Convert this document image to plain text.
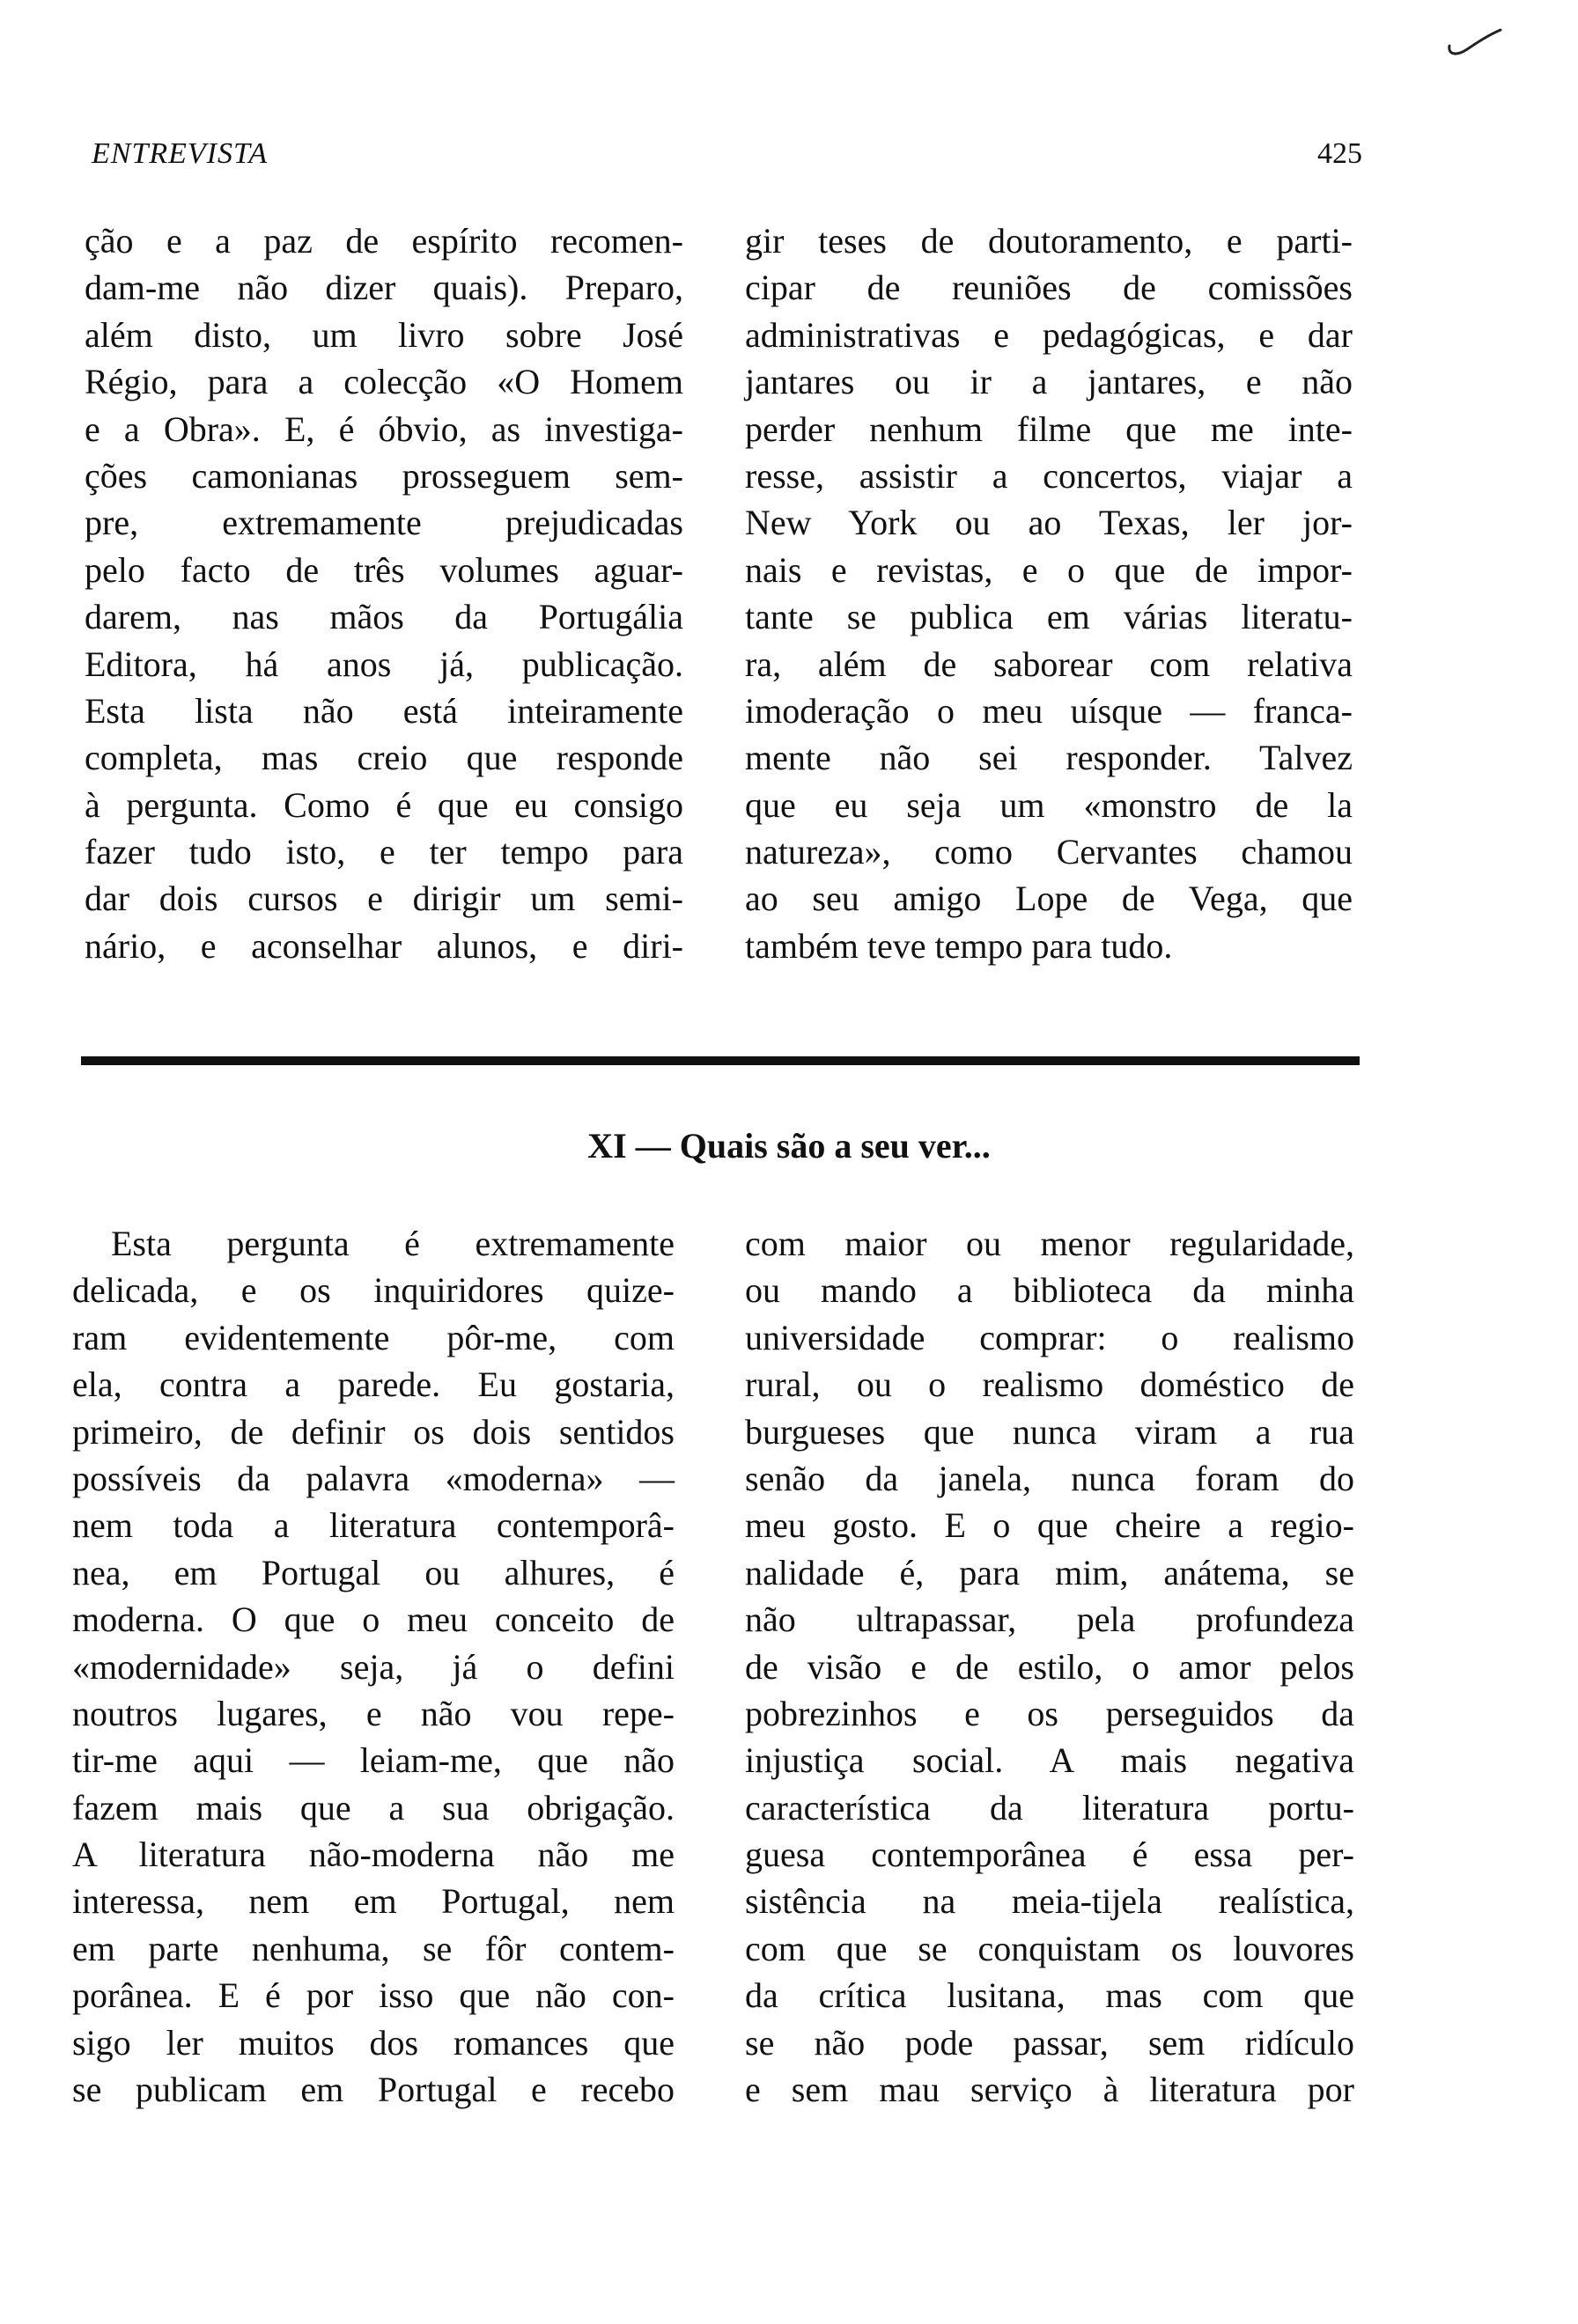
ENTREVISTA	425

ção e a paz de espírito recomen-
dam-me não dizer quais). Preparo,
além disto, um livro sobre José
Régio, para a colecção «O Homem
e a Obra». E, é óbvio, as investiga-
ções camonianas prosseguem sem-
pre, extremamente prejudicadas
pelo facto de três volumes aguar-
darem, nas mãos da Portugália
Editora, há anos já, publicação.
Esta lista não está inteiramente
completa, mas creio que responde
à pergunta. Como é que eu consigo
fazer tudo isto, e ter tempo para
dar dois cursos e dirigir um semi-
nário, e aconselhar alunos, e diri-
gir teses de doutoramento, e parti-
cipar de reuniões de comissões
administrativas e pedagógicas, e dar
jantares ou ir a jantares, e não
perder nenhum filme que me inte-
resse, assistir a concertos, viajar a
New York ou ao Texas, ler jor-
nais e revistas, e o que de impor-
tante se publica em várias literatu-
ra, além de saborear com relativa
imoderação o meu uísque — franca-
mente não sei responder. Talvez
que eu seja um «monstro de la
natureza», como Cervantes chamou
ao seu amigo Lope de Vega, que
também teve tempo para tudo.
XI — Quais são a seu ver...
Esta pergunta é extremamente
delicada, e os inquiridores quize-
ram evidentemente pôr-me, com
ela, contra a parede. Eu gostaria,
primeiro, de definir os dois sentidos
possíveis da palavra «moderna» —
nem toda a literatura contemporâ-
nea, em Portugal ou alhures, é
moderna. O que o meu conceito de
«modernidade» seja, já o defini
noutros lugares, e não vou repe-
tir-me aqui — leiam-me, que não
fazem mais que a sua obrigação.
A literatura não-moderna não me
interessa, nem em Portugal, nem
em parte nenhuma, se fôr contem-
porânea. E é por isso que não con-
sigo ler muitos dos romances que
se publicam em Portugal e recebo
com maior ou menor regularidade,
ou mando a biblioteca da minha
universidade comprar: o realismo
rural, ou o realismo doméstico de
burgueses que nunca viram a rua
senão da janela, nunca foram do
meu gosto. E o que cheire a regio-
nalidade é, para mim, anátema, se
não ultrapassar, pela profundeza
de visão e de estilo, o amor pelos
pobrezinhos e os perseguidos da
injustiça social. A mais negativa
característica da literatura portu-
guesa contemporânea é essa per-
sistência na meia-tijela realística,
com que se conquistam os louvores
da crítica lusitana, mas com que
se não pode passar, sem ridículo
e sem mau serviço à literatura por
